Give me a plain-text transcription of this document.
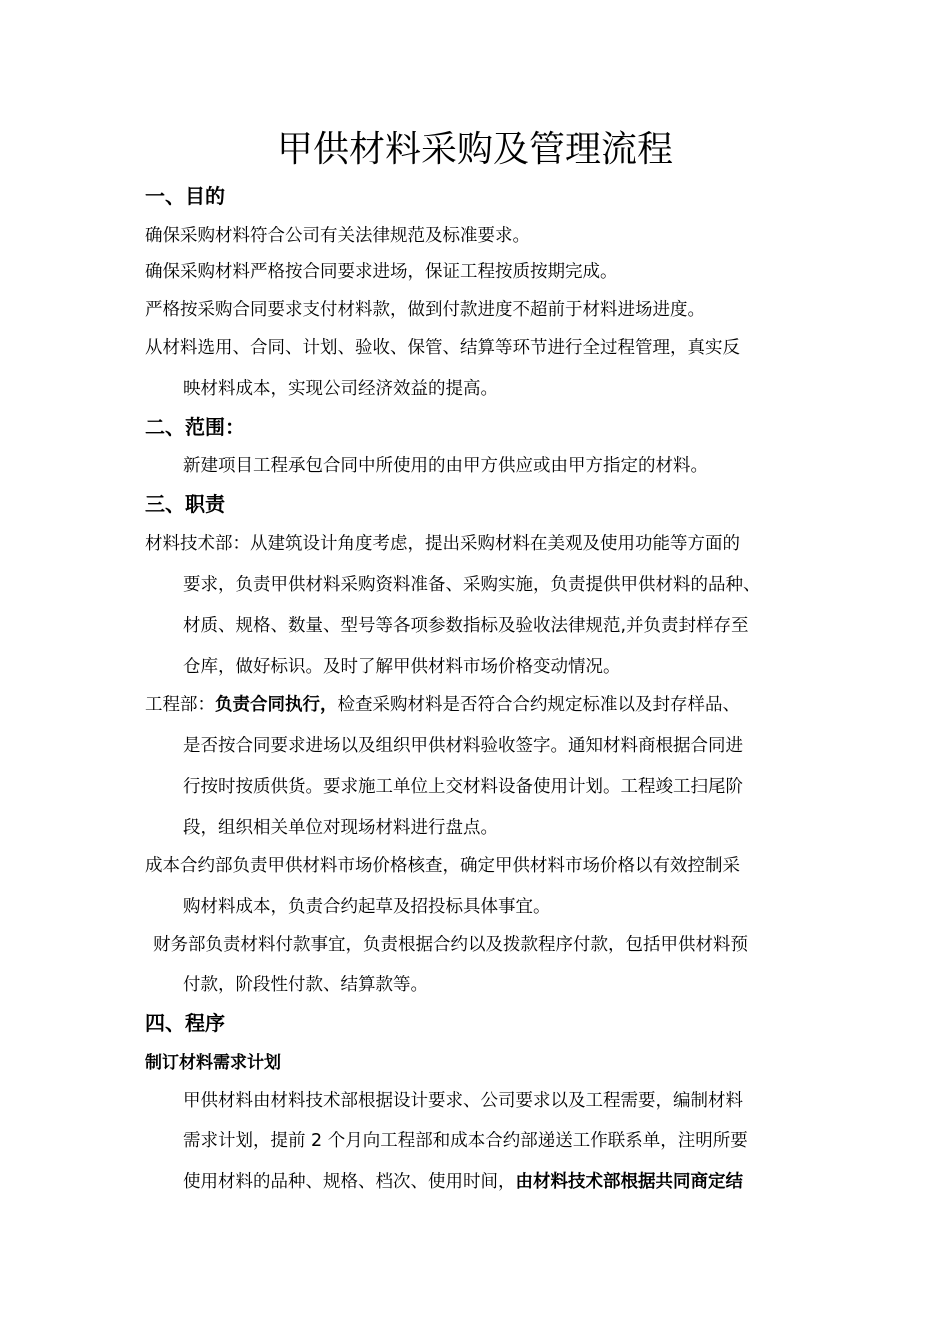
甲供材料采购及管理流程
一、目的
确保采购材料符合公司有关法律规范及标准要求。
确保采购材料严格按合同要求进场，保证工程按质按期完成。
严格按采购合同要求支付材料款，做到付款进度不超前于材料进场进度。
从材料选用、合同、计划、验收、保管、结算等环节进行全过程管理，真实反
映材料成本，实现公司经济效益的提高。
二、范围：
新建项目工程承包合同中所使用的由甲方供应或由甲方指定的材料。
三、职责
材料技术部：从建筑设计角度考虑，提出采购材料在美观及使用功能等方面的
要求，负责甲供材料采购资料准备、采购实施，负责提供甲供材料的品种、
材质、规格、数量、型号等各项参数指标及验收法律规范,并负责封样存至
仓库，做好标识。及时了解甲供材料市场价格变动情况。
工程部：负责合同执行，检查采购材料是否符合合约规定标准以及封存样品、
是否按合同要求进场以及组织甲供材料验收签字。通知材料商根据合同进
行按时按质供货。要求施工单位上交材料设备使用计划。工程竣工扫尾阶
段，组织相关单位对现场材料进行盘点。
成本合约部负责甲供材料市场价格核查，确定甲供材料市场价格以有效控制采
购材料成本，负责合约起草及招投标具体事宜。
财务部负责材料付款事宜，负责根据合约以及拨款程序付款，包括甲供材料预
付款，阶段性付款、结算款等。
四、程序
制订材料需求计划
甲供材料由材料技术部根据设计要求、公司要求以及工程需要，编制材料
需求计划，提前 2 个月向工程部和成本合约部递送工作联系单，注明所要
使用材料的品种、规格、档次、使用时间，由材料技术部根据共同商定结
